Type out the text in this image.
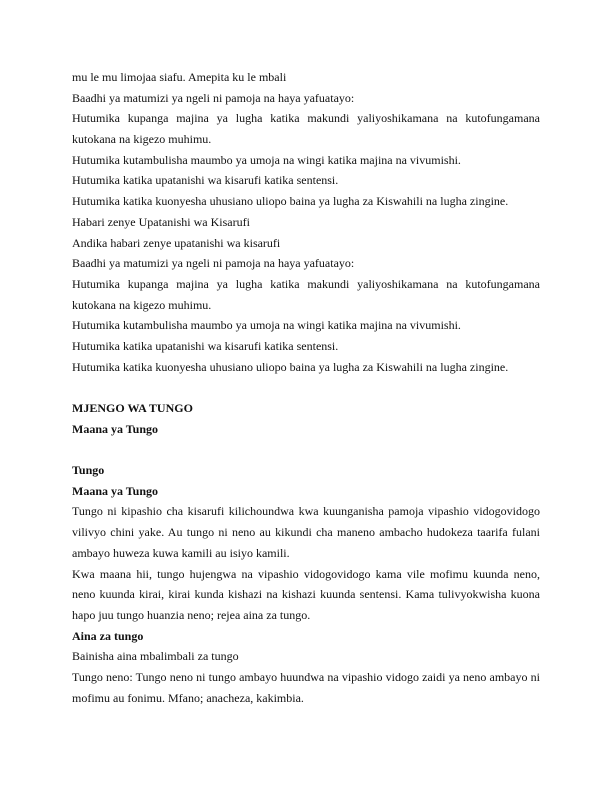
mu le mu limojaa siafu. Amepita ku le mbali
Baadhi ya matumizi ya ngeli ni pamoja na haya yafuatayo:
Hutumika kupanga majina ya lugha katika makundi yaliyoshikamana na kutofungamana
kutokana na kigezo muhimu.
Hutumika kutambulisha maumbo ya umoja na wingi katika majina na vivumishi.
Hutumika katika upatanishi wa kisarufi katika sentensi.
Hutumika katika kuonyesha uhusiano uliopo baina ya lugha za Kiswahili na lugha zingine.
Habari zenye Upatanishi wa Kisarufi
Andika habari zenye upatanishi wa kisarufi
Baadhi ya matumizi ya ngeli ni pamoja na haya yafuatayo:
Hutumika kupanga majina ya lugha katika makundi yaliyoshikamana na kutofungamana
kutokana na kigezo muhimu.
Hutumika kutambulisha maumbo ya umoja na wingi katika majina na vivumishi.
Hutumika katika upatanishi wa kisarufi katika sentensi.
Hutumika katika kuonyesha uhusiano uliopo baina ya lugha za Kiswahili na lugha zingine.
MJENGO WA TUNGO
Maana ya Tungo
Tungo
Maana ya Tungo
Tungo ni kipashio cha kisarufi kilichoundwa kwa kuunganisha pamoja vipashio vidogovidogo
vilivyo chini yake. Au tungo ni neno au kikundi cha maneno ambacho hudokeza taarifa fulani
ambayo huweza kuwa kamili au isiyo kamili.
Kwa maana hii, tungo hujengwa na vipashio vidogovidogo kama vile mofimu kuunda neno,
neno kuunda kirai, kirai kunda kishazi na kishazi kuunda sentensi. Kama tulivyokwisha kuona
hapo juu tungo huanzia neno; rejea aina za tungo.
Aina za tungo
Bainisha aina mbalimbali za tungo
Tungo neno: Tungo neno ni tungo ambayo huundwa na vipashio vidogo zaidi ya neno ambayo ni
mofimu au fonimu. Mfano; anacheza, kakimbia.
